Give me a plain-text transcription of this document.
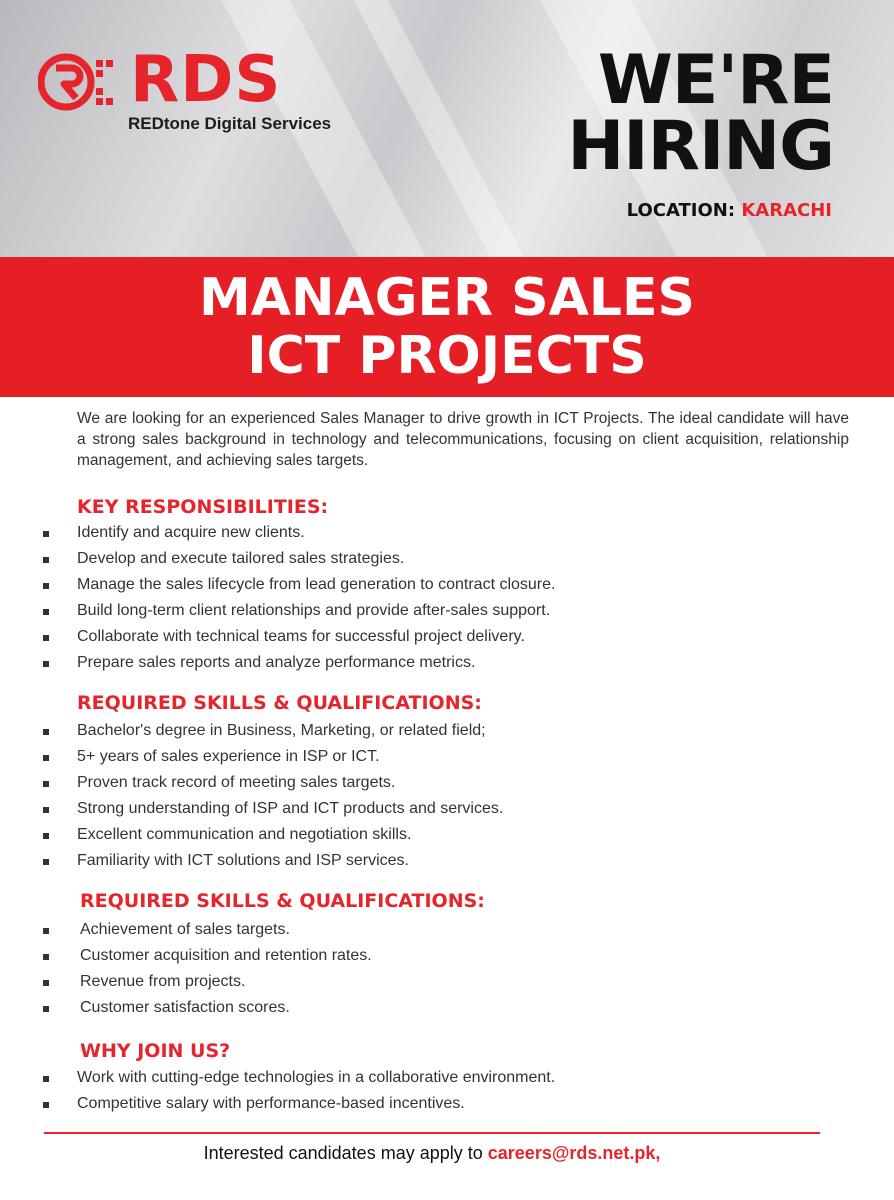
RDS
REDtone Digital Services
WE'RE
HIRING
LOCATION: KARACHI
MANAGER SALES
ICT PROJECTS
We are looking for an experienced Sales Manager to drive growth in ICT Projects. The ideal candidate will have a strong sales background in technology and telecommunications, focusing on client acquisition, relationship management, and achieving sales targets.
KEY RESPONSIBILITIES:
Identify and acquire new clients.
Develop and execute tailored sales strategies.
Manage the sales lifecycle from lead generation to contract closure.
Build long-term client relationships and provide after-sales support.
Collaborate with technical teams for successful project delivery.
Prepare sales reports and analyze performance metrics.
REQUIRED SKILLS & QUALIFICATIONS:
Bachelor's degree in Business, Marketing, or related field;
5+ years of sales experience in ISP or ICT.
Proven track record of meeting sales targets.
Strong understanding of ISP and ICT products and services.
Excellent communication and negotiation skills.
Familiarity with ICT solutions and ISP services.
REQUIRED SKILLS & QUALIFICATIONS:
Achievement of sales targets.
Customer acquisition and retention rates.
Revenue from projects.
Customer satisfaction scores.
WHY JOIN US?
Work with cutting-edge technologies in a collaborative environment.
Competitive salary with performance-based incentives.
Interested candidates may apply to careers@rds.net.pk,
